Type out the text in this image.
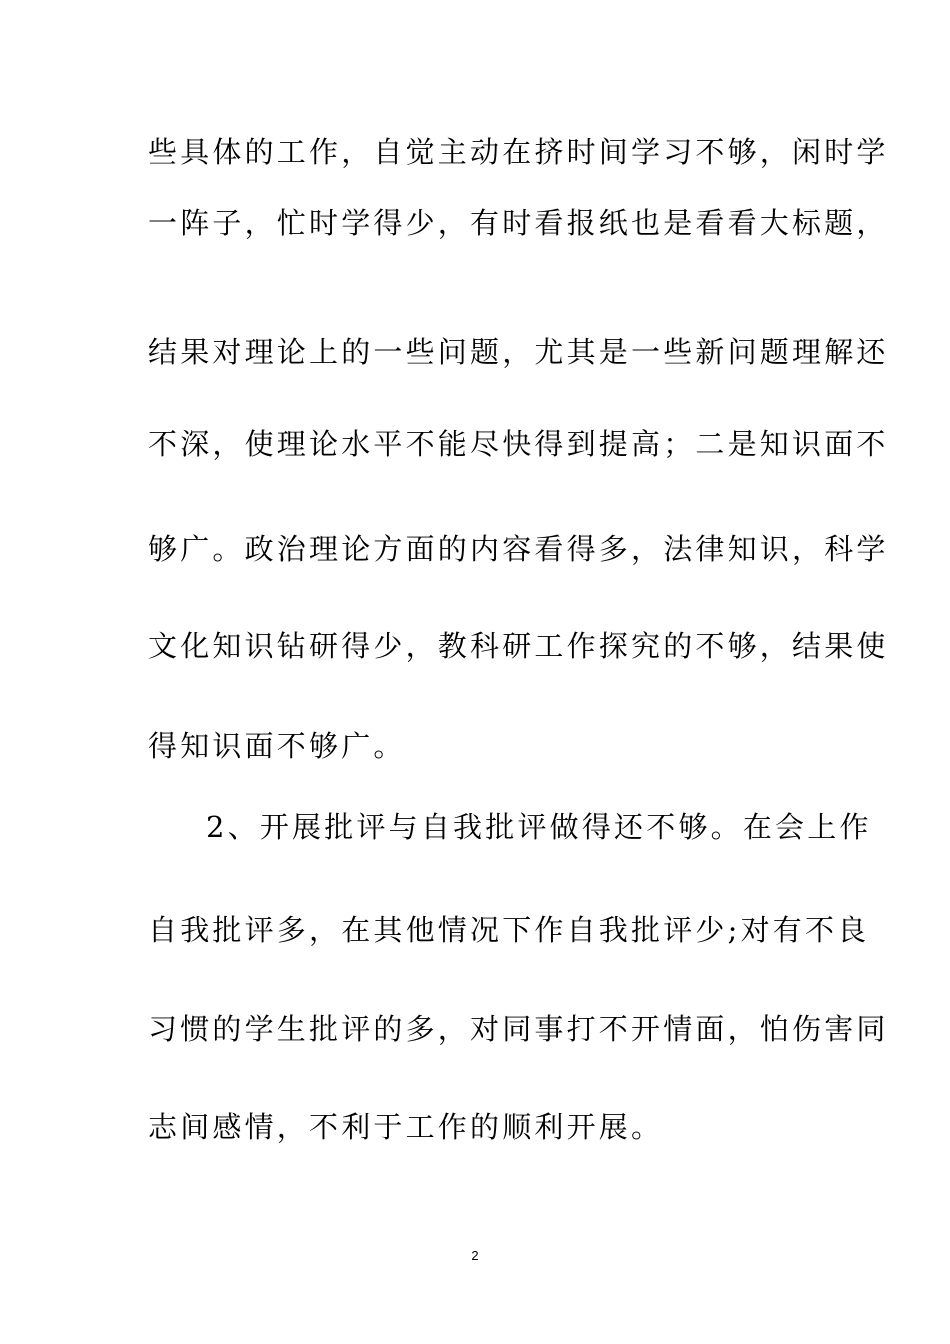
些具体的工作，自觉主动在挤时间学习不够，闲时学
一阵子，忙时学得少，有时看报纸也是看看大标题，
结果对理论上的一些问题，尤其是一些新问题理解还
不深，使理论水平不能尽快得到提高；二是知识面不
够广。政治理论方面的内容看得多，法律知识，科学
文化知识钻研得少，教科研工作探究的不够，结果使
得知识面不够广。
2、开展批评与自我批评做得还不够。在会上作
自我批评多，在其他情况下作自我批评少;对有不良
习惯的学生批评的多，对同事打不开情面，怕伤害同
志间感情，不利于工作的顺利开展。
2
